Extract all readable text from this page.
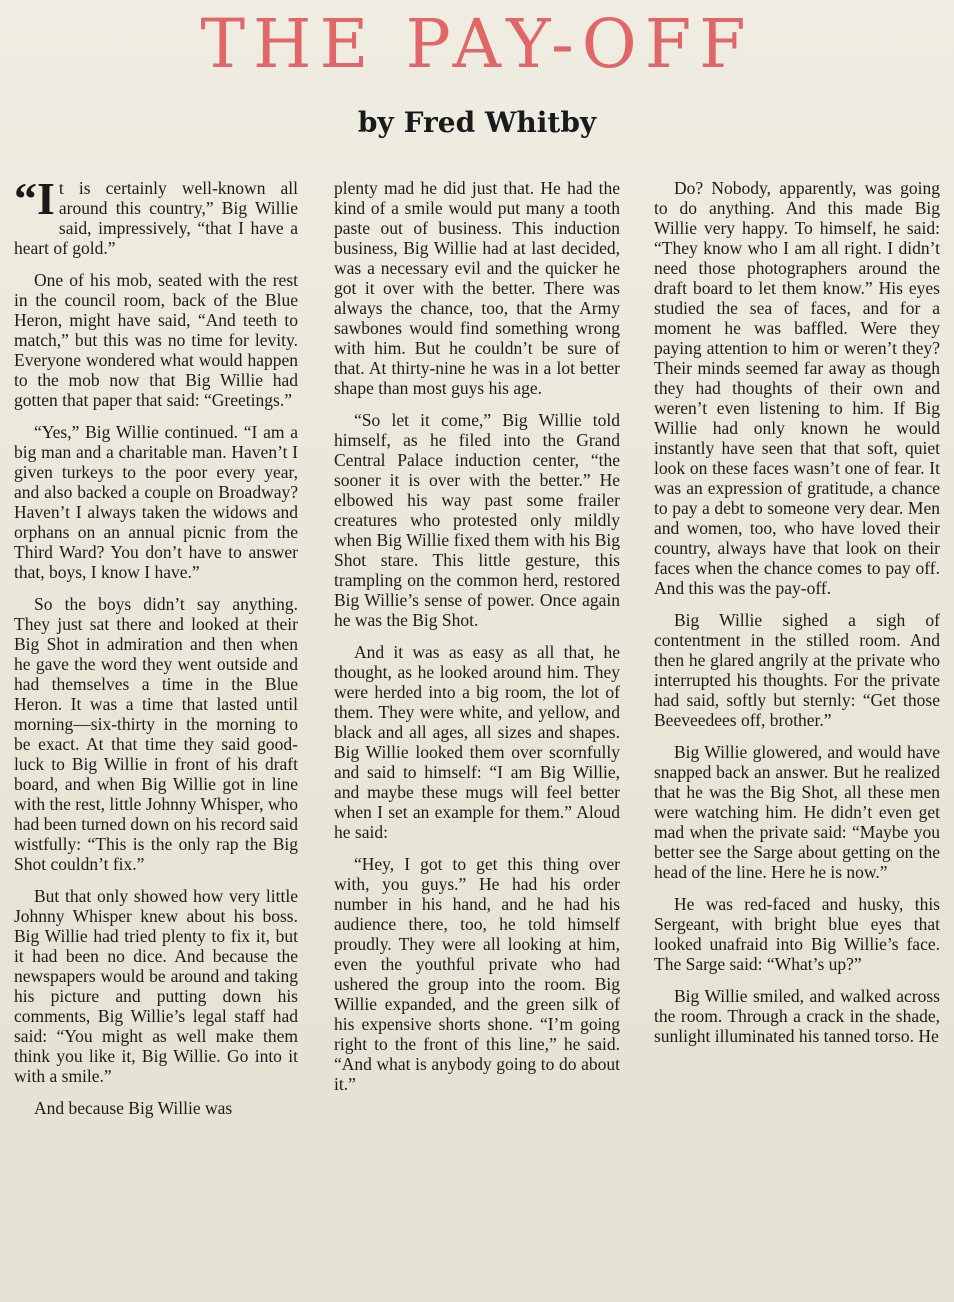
THE PAY-OFF
by Fred Whitby

“It is certainly well-known all around this country,” Big Willie said, impressively, “that I have a heart of gold.”

One of his mob, seated with the rest in the council room, back of the Blue Heron, might have said, “And teeth to match,” but this was no time for levity. Everyone wondered what would happen to the mob now that Big Willie had gotten that paper that said: “Greetings.”

“Yes,” Big Willie continued. “I am a big man and a charitable man. Haven’t I given turkeys to the poor every year, and also backed a couple on Broadway? Haven’t I always taken the widows and orphans on an annual picnic from the Third Ward? You don’t have to answer that, boys, I know I have.”

So the boys didn’t say anything. They just sat there and looked at their Big Shot in admiration and then when he gave the word they went outside and had themselves a time in the Blue Heron. It was a time that lasted until morning—six-thirty in the morning to be exact. At that time they said good-luck to Big Willie in front of his draft board, and when Big Willie got in line with the rest, little Johnny Whisper, who had been turned down on his record said wistfully: “This is the only rap the Big Shot couldn’t fix.”

But that only showed how very little Johnny Whisper knew about his boss. Big Willie had tried plenty to fix it, but it had been no dice. And because the newspapers would be around and taking his picture and putting down his comments, Big Willie’s legal staff had said: “You might as well make them think you like it, Big Willie. Go into it with a smile.”

And because Big Willie was

plenty mad he did just that. He had the kind of a smile would put many a tooth paste out of business. This induction business, Big Willie had at last decided, was a necessary evil and the quicker he got it over with the better. There was always the chance, too, that the Army sawbones would find something wrong with him. But he couldn’t be sure of that. At thirty-nine he was in a lot better shape than most guys his age.

“So let it come,” Big Willie told himself, as he filed into the Grand Central Palace induction center, “the sooner it is over with the better.” He elbowed his way past some frailer creatures who protested only mildly when Big Willie fixed them with his Big Shot stare. This little gesture, this trampling on the common herd, restored Big Willie’s sense of power. Once again he was the Big Shot.

And it was as easy as all that, he thought, as he looked around him. They were herded into a big room, the lot of them. They were white, and yellow, and black and all ages, all sizes and shapes. Big Willie looked them over scornfully and said to himself: “I am Big Willie, and maybe these mugs will feel better when I set an example for them.” Aloud he said:

“Hey, I got to get this thing over with, you guys.” He had his order number in his hand, and he had his audience there, too, he told himself proudly. They were all looking at him, even the youthful private who had ushered the group into the room. Big Willie expanded, and the green silk of his expensive shorts shone. “I’m going right to the front of this line,” he said. “And what is anybody going to do about it.”

Do? Nobody, apparently, was going to do anything. And this made Big Willie very happy. To himself, he said: “They know who I am all right. I didn’t need those photographers around the draft board to let them know.” His eyes studied the sea of faces, and for a moment he was baffled. Were they paying attention to him or weren’t they? Their minds seemed far away as though they had thoughts of their own and weren’t even listening to him. If Big Willie had only known he would instantly have seen that that soft, quiet look on these faces wasn’t one of fear. It was an expression of gratitude, a chance to pay a debt to someone very dear. Men and women, too, who have loved their country, always have that look on their faces when the chance comes to pay off. And this was the pay-off.

Big Willie sighed a sigh of contentment in the stilled room. And then he glared angrily at the private who interrupted his thoughts. For the private had said, softly but sternly: “Get those Beeveedees off, brother.”

Big Willie glowered, and would have snapped back an answer. But he realized that he was the Big Shot, all these men were watching him. He didn’t even get mad when the private said: “Maybe you better see the Sarge about getting on the head of the line. Here he is now.”

He was red-faced and husky, this Sergeant, with bright blue eyes that looked unafraid into Big Willie’s face. The Sarge said: “What’s up?”

Big Willie smiled, and walked across the room. Through a crack in the shade, sunlight illuminated his tanned torso. He
